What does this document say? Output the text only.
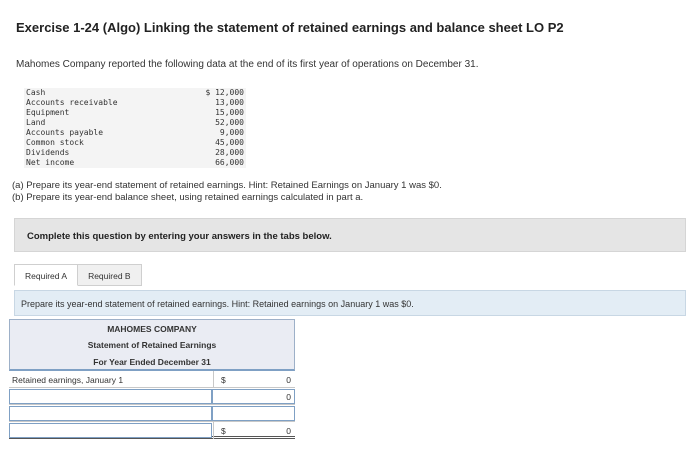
Exercise 1-24 (Algo) Linking the statement of retained earnings and balance sheet LO P2
Mahomes Company reported the following data at the end of its first year of operations on December 31.
Cash	$ 12,000
Accounts receivable	13,000
Equipment	15,000
Land	52,000
Accounts payable	9,000
Common stock	45,000
Dividends	28,000
Net income	66,000
(a) Prepare its year-end statement of retained earnings. Hint: Retained Earnings on January 1 was $0.
(b) Prepare its year-end balance sheet, using retained earnings calculated in part a.
Complete this question by entering your answers in the tabs below.
Required A	Required B
Prepare its year-end statement of retained earnings. Hint: Retained earnings on January 1 was $0.
MAHOMES COMPANY
Statement of Retained Earnings
For Year Ended December 31
Retained earnings, January 1	$	0
0
$	0
